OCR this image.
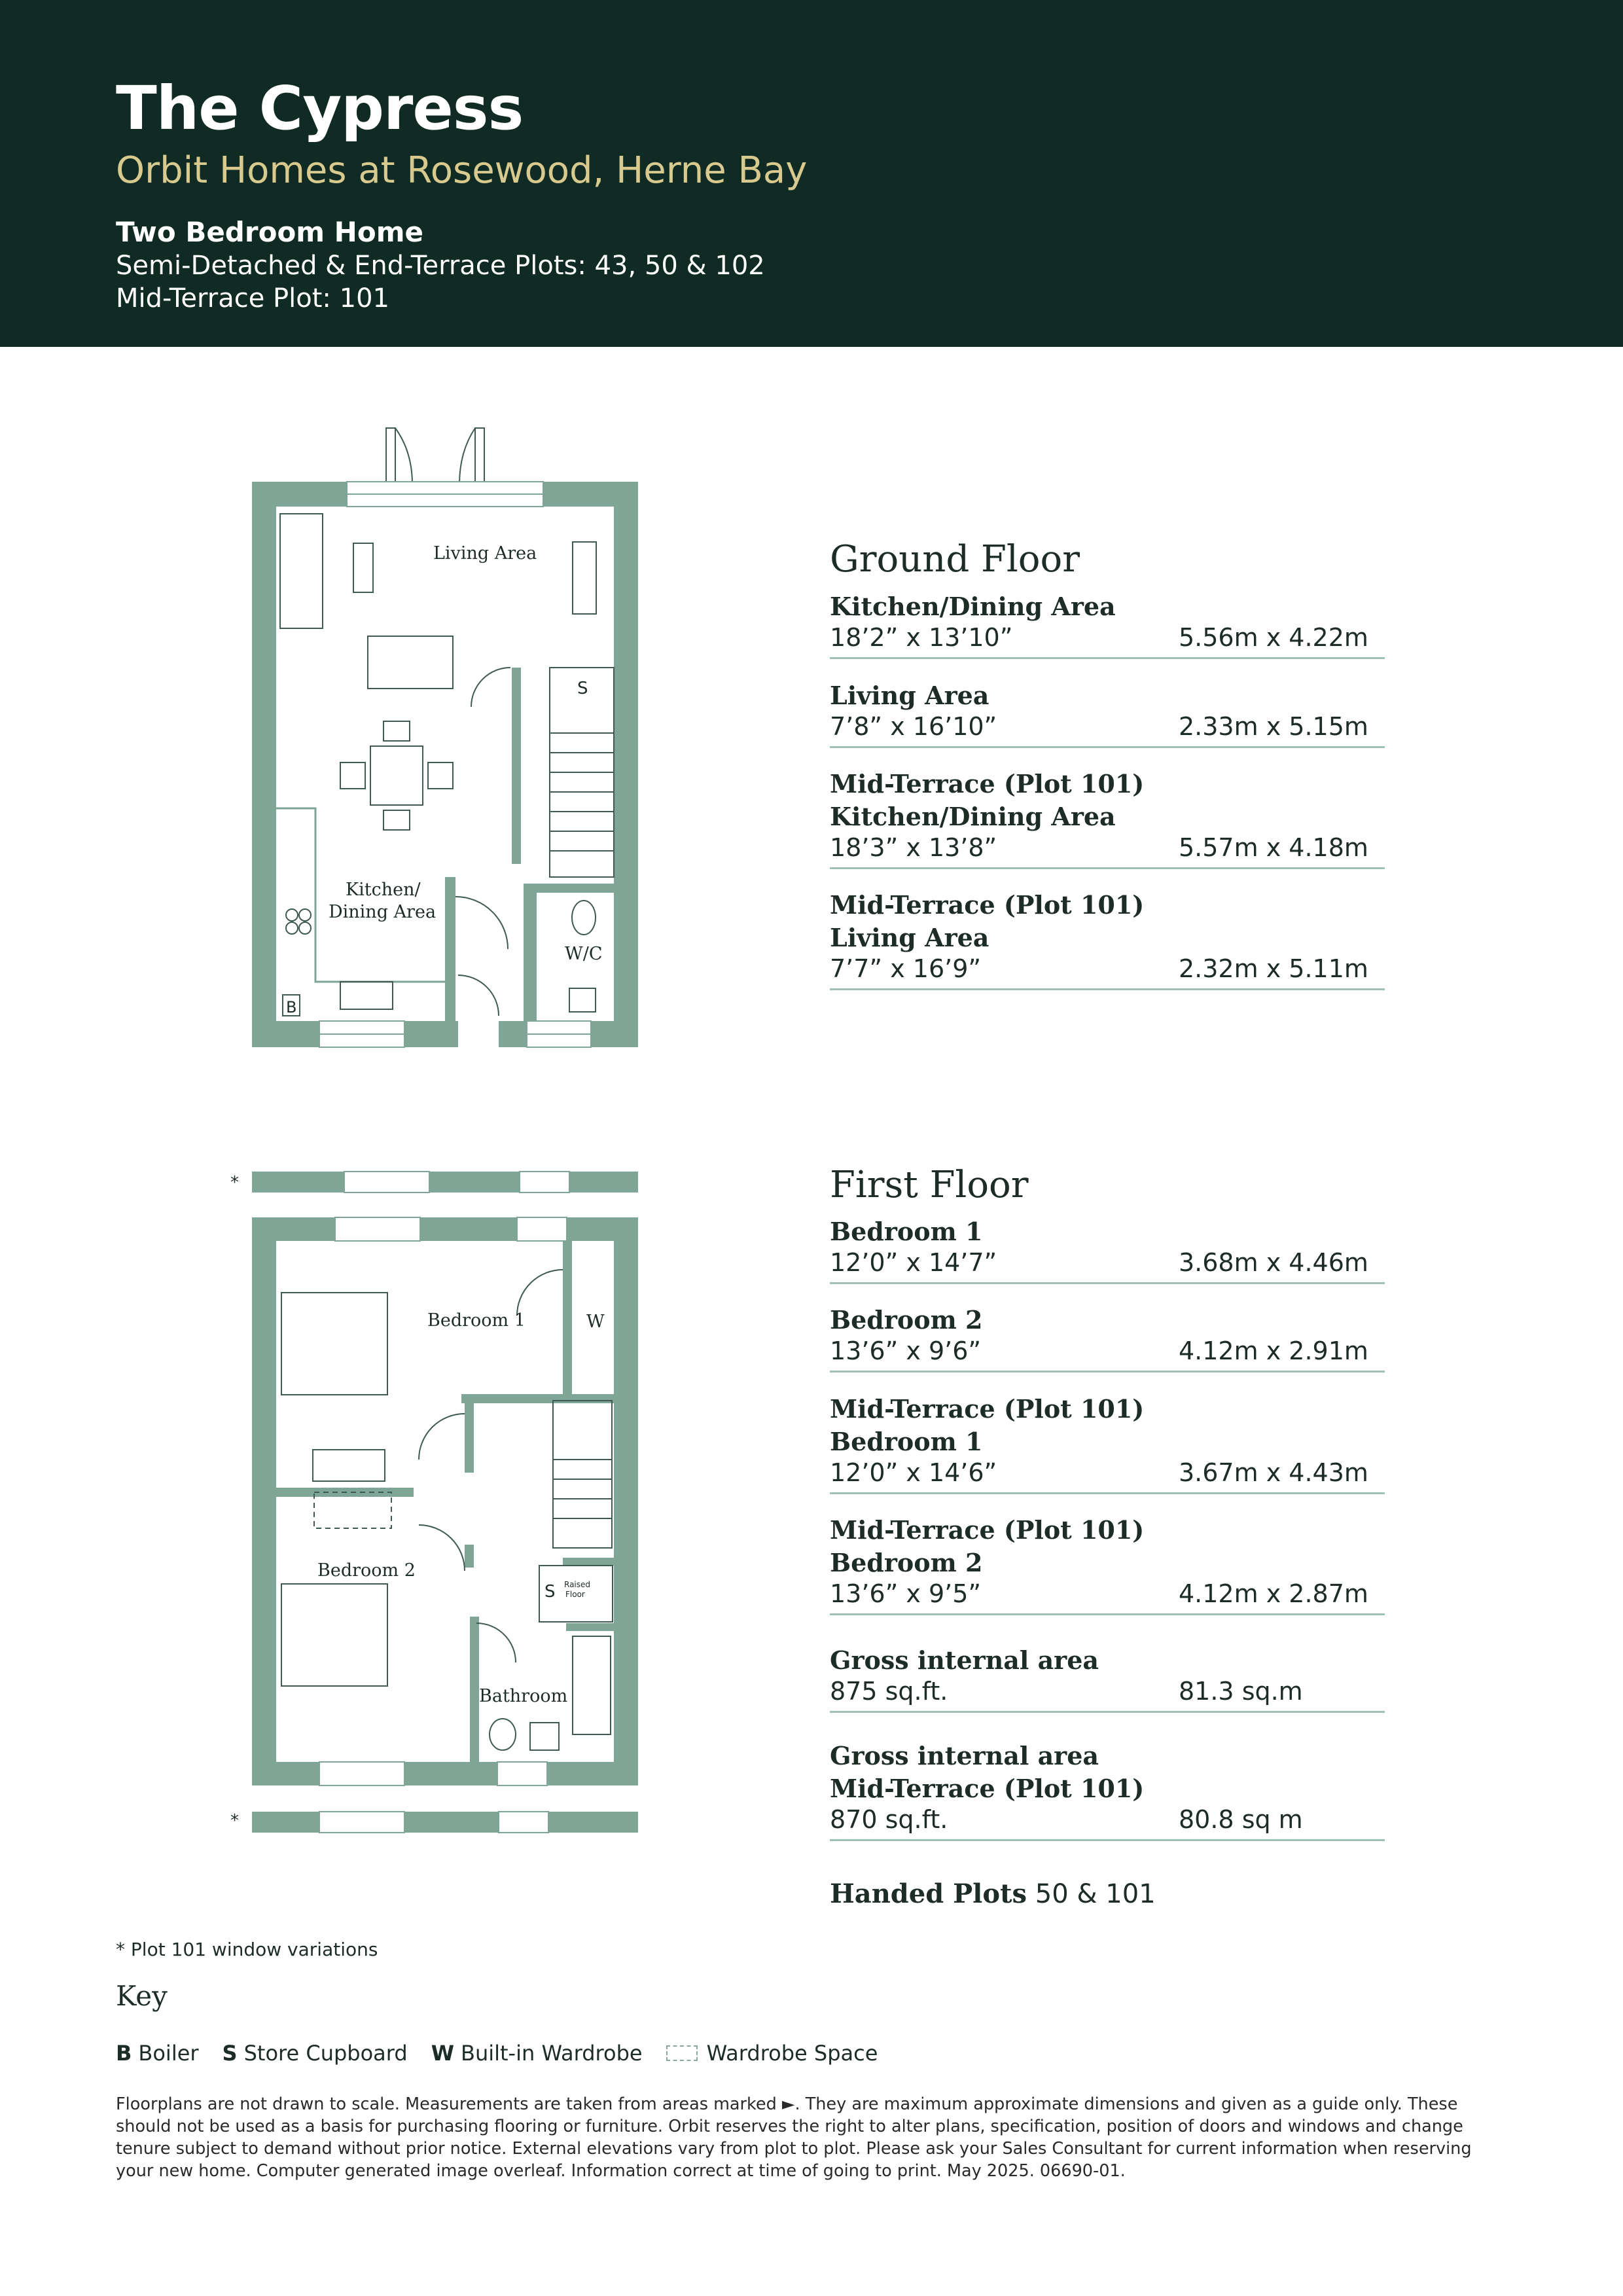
The Cypress
Orbit Homes at Rosewood, Herne Bay
Two Bedroom Home
Semi-Detached & End-Terrace Plots: 43, 50 & 102
Mid-Terrace Plot: 101
B
S
Living Area
Kitchen/
Dining Area
W/C
*
*
S Raised
Floor
Bedroom 1	W
Bedroom 2
Bathroom
Ground Floor
Kitchen/Dining Area
18’2” x 13’10”	5.56m x 4.22m
Living Area
7’8” x 16’10”	2.33m x 5.15m
Mid-Terrace (Plot 101)
Kitchen/Dining Area
18’3” x 13’8”	5.57m x 4.18m
Mid-Terrace (Plot 101)
Living Area
7’7” x 16’9”	2.32m x 5.11m
First Floor
Bedroom 1
12’0” x 14’7”	3.68m x 4.46m
Bedroom 2
13’6” x 9’6”	4.12m x 2.91m
Mid-Terrace (Plot 101)
Bedroom 1
12’0” x 14’6”	3.67m x 4.43m
Mid-Terrace (Plot 101)
Bedroom 2
13’6” x 9’5”	4.12m x 2.87m
Gross internal area
875 sq.ft.	81.3 sq.m
Gross internal area
Mid-Terrace (Plot 101)
870 sq.ft.	80.8 sq m
Handed Plots 50 & 101
* Plot 101 window variations
Key
B Boiler S Store Cupboard W Built-in Wardrobe	Wardrobe Space
Floorplans are not drawn to scale. Measurements are taken from areas marked ►. They are maximum approximate dimensions and given as a guide only. These should not be used as a basis for purchasing flooring or furniture. Orbit reserves the right to alter plans, specification, position of doors and windows and change tenure subject to demand without prior notice. External elevations vary from plot to plot. Please ask your Sales Consultant for current information when reserving your new home. Computer generated image overleaf. Information correct at time of going to print. May 2025. 06690-01.
